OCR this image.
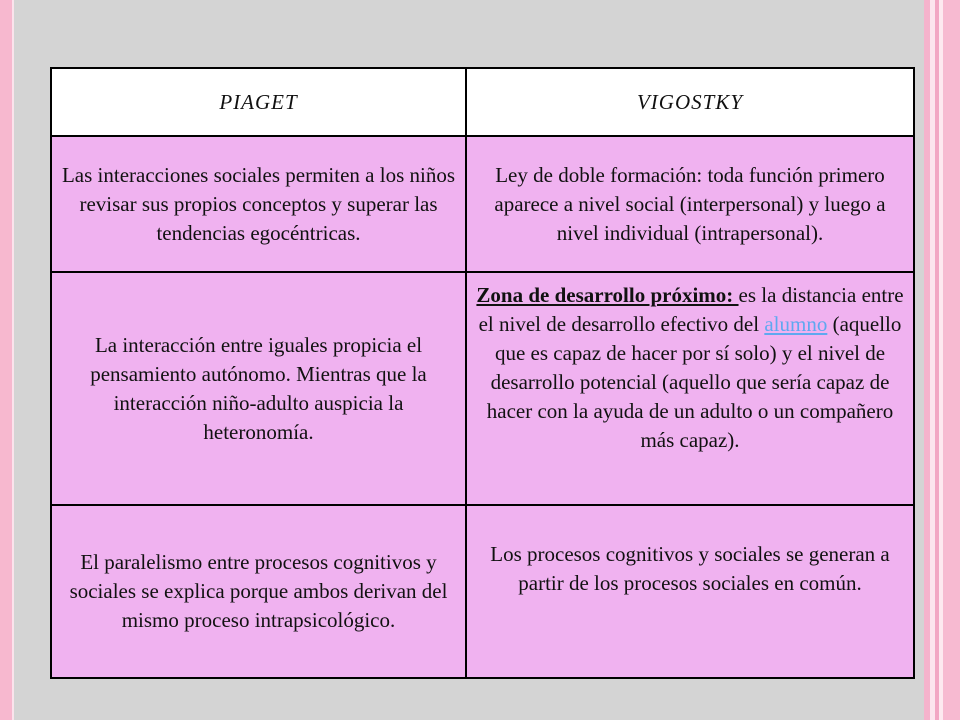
PIAGET	VIGOSTKY
Las interacciones sociales permiten a los niños revisar sus propios conceptos y superar las tendencias egocéntricas.	Ley de doble formación: toda función primero aparece a nivel social (interpersonal) y luego a nivel individual (intrapersonal).
La interacción entre iguales propicia el pensamiento autónomo. Mientras que la interacción niño-adulto auspicia la heteronomía.	Zona de desarrollo próximo: es la distancia entre el nivel de desarrollo efectivo del alumno (aquello que es capaz de hacer por sí solo) y el nivel de desarrollo potencial (aquello que sería capaz de hacer con la ayuda de un adulto o un compañero más capaz).
El paralelismo entre procesos cognitivos y sociales se explica porque ambos derivan del mismo proceso intrapsicológico.	Los procesos cognitivos y sociales se generan a partir de los procesos sociales en común.
